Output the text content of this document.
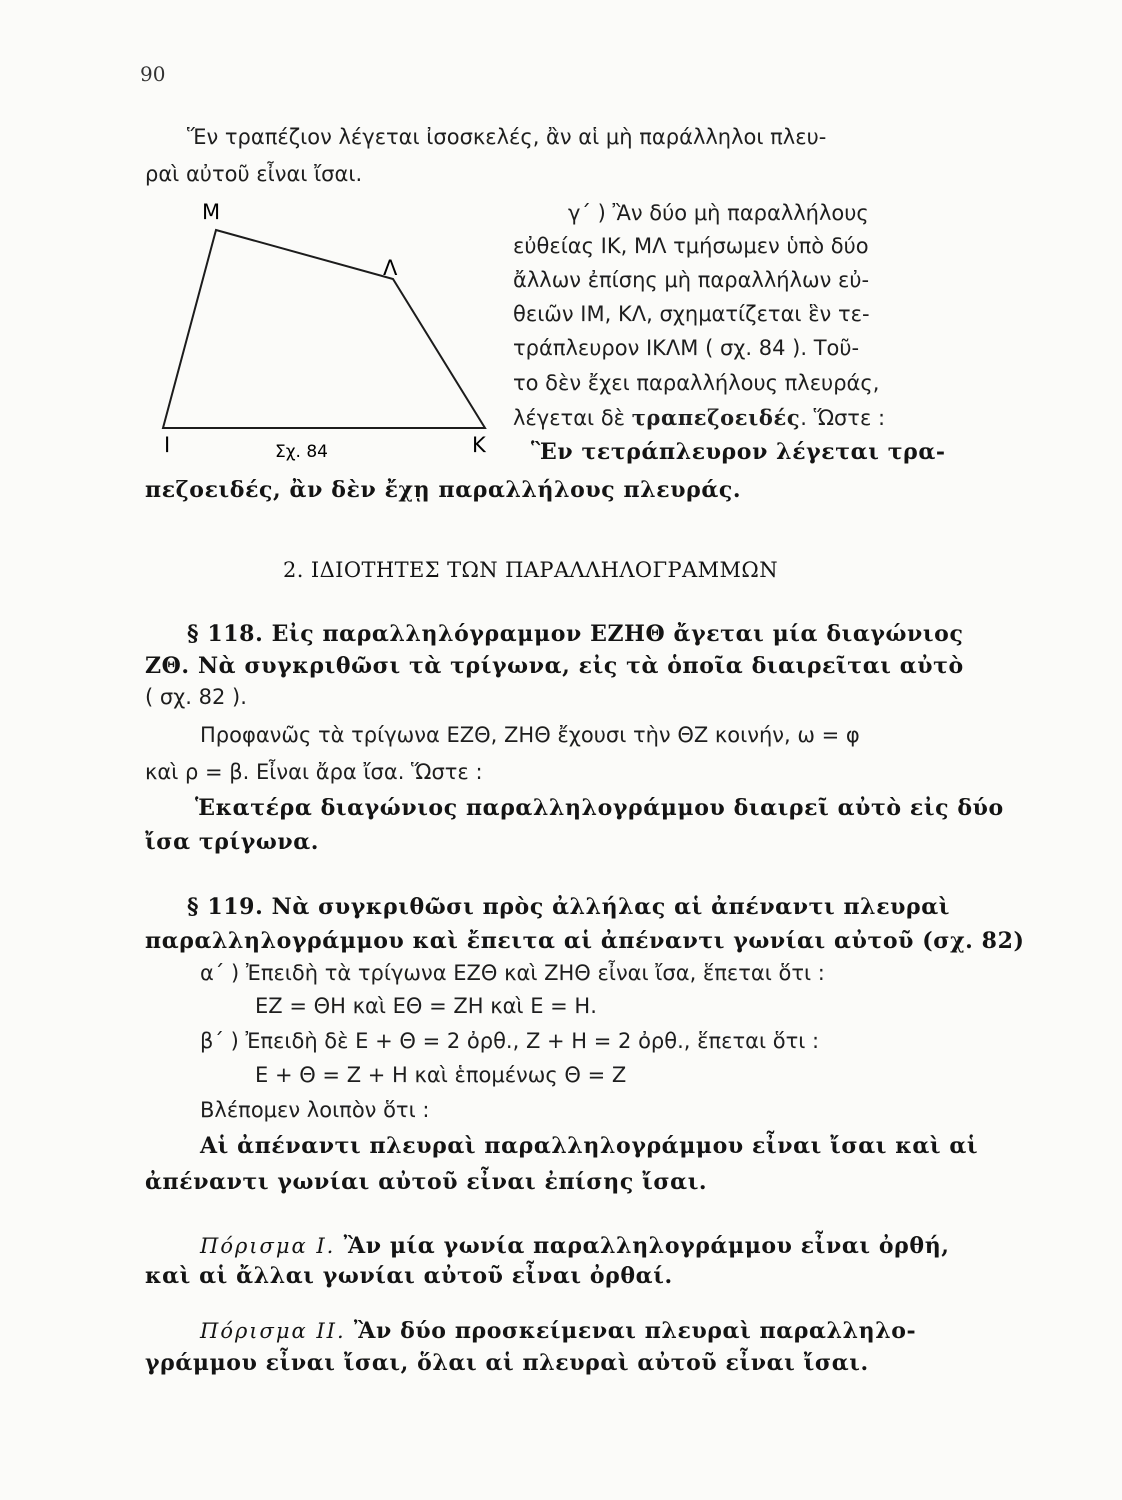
90
Ἕν τραπέζιον λέγεται ἰσοσκελές, ἂν αἱ μὴ παράλληλοι πλευ-
ραὶ αὐτοῦ εἶναι ἴσαι.
Μ
Λ
Ι	Κ
Σχ. 84
γ΄ ) Ἂν δύο μὴ παραλλήλους
εὐθείας ΙΚ, ΜΛ τμήσωμεν ὑπὸ δύο
ἄλλων ἐπίσης μὴ παραλλήλων εὐ-
θειῶν ΙΜ, ΚΛ, σχηματίζεται ἓν τε-
τράπλευρον ΙΚΛΜ ( σχ. 84 ). Τοῦ-
το δὲν ἔχει παραλλήλους πλευράς,
λέγεται δὲ τραπεζοειδές. Ὥστε :
Ἓν τετράπλευρον λέγεται τρα-
πεζοειδές, ἂν δὲν ἔχῃ παραλλήλους πλευράς.
2. ΙΔΙΟΤΗΤΕΣ ΤΩΝ ΠΑΡΑΛΛΗΛΟΓΡΑΜΜΩΝ
§ 118. Εἰς παραλληλόγραμμον ΕΖΗΘ ἄγεται μία διαγώνιος
ΖΘ. Νὰ συγκριθῶσι τὰ τρίγωνα, εἰς τὰ ὁποῖα διαιρεῖται αὐτὸ
( σχ. 82 ).
Προφανῶς τὰ τρίγωνα ΕΖΘ, ΖΗΘ ἔχουσι τὴν ΘΖ κοινήν, ω = φ
καὶ ρ = β. Εἶναι ἄρα ἴσα. Ὥστε :
Ἑκατέρα διαγώνιος παραλληλογράμμου διαιρεῖ αὐτὸ εἰς δύο
ἴσα τρίγωνα.
§ 119. Νὰ συγκριθῶσι πρὸς ἀλλήλας αἱ ἀπέναντι πλευραὶ
παραλληλογράμμου καὶ ἔπειτα αἱ ἀπέναντι γωνίαι αὐτοῦ (σχ. 82)
α΄ ) Ἐπειδὴ τὰ τρίγωνα ΕΖΘ καὶ ΖΗΘ εἶναι ἴσα, ἕπεται ὅτι :
ΕΖ = ΘΗ καὶ ΕΘ = ΖΗ καὶ Ε = Η.
β΄ ) Ἐπειδὴ δὲ Ε + Θ = 2 ὀρθ., Ζ + Η = 2 ὀρθ., ἕπεται ὅτι :
Ε + Θ = Ζ + Η καὶ ἑπομένως Θ = Ζ
Βλέπομεν λοιπὸν ὅτι :
Αἱ ἀπέναντι πλευραὶ παραλληλογράμμου εἶναι ἴσαι καὶ αἱ
ἀπέναντι γωνίαι αὐτοῦ εἶναι ἐπίσης ἴσαι.
Πόρισμα Ι. Ἂν μία γωνία παραλληλογράμμου εἶναι ὀρθή,
καὶ αἱ ἄλλαι γωνίαι αὐτοῦ εἶναι ὀρθαί.
Πόρισμα ΙΙ. Ἂν δύο προσκείμεναι πλευραὶ παραλληλο-
γράμμου εἶναι ἴσαι, ὅλαι αἱ πλευραὶ αὐτοῦ εἶναι ἴσαι.
